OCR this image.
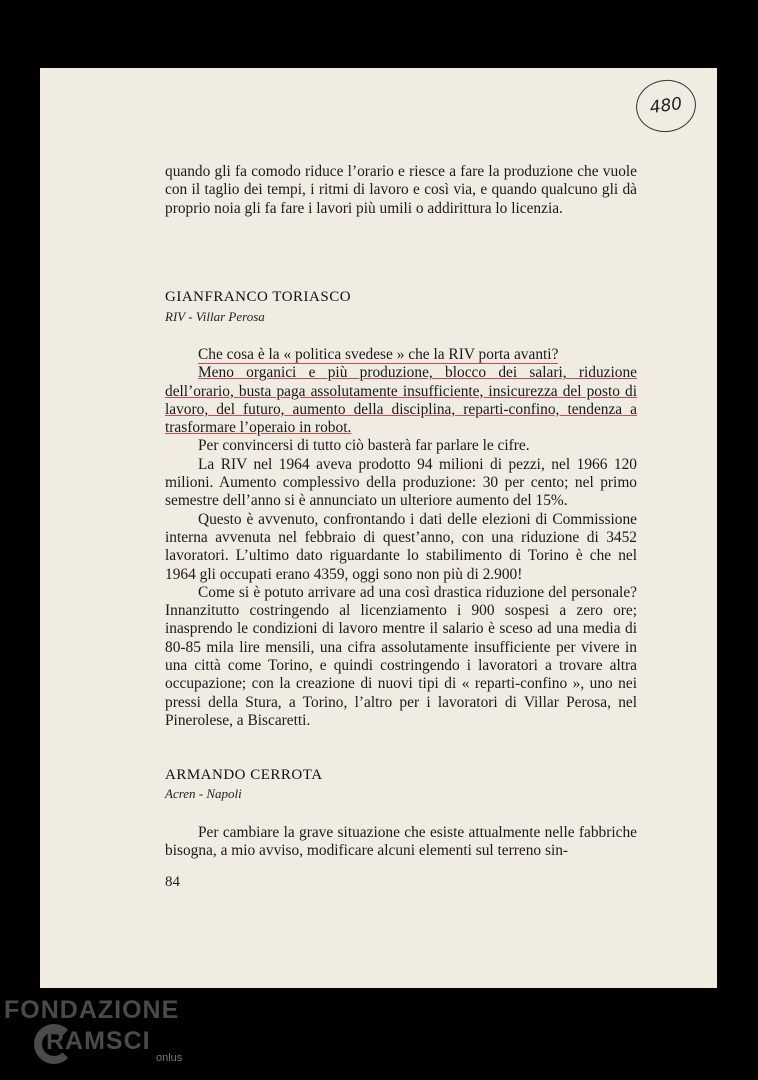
480

quando gli fa comodo riduce l’orario e riesce a fare la produzione che vuole con il taglio dei tempi, i ritmi di lavoro e così via, e quando qualcuno gli dà proprio noia gli fa fare i lavori più umili o addirittura lo licenzia.

GIANFRANCO TORIASCO
RIV - Villar Perosa

Che cosa è la « politica svedese » che la RIV porta avanti?

Meno organici e più produzione, blocco dei salari, riduzione dell’orario, busta paga assolutamente insufficiente, insicurezza del posto di lavoro, del futuro, aumento della disciplina, reparti-confino, tendenza a trasformare l’operaio in robot.

Per convincersi di tutto ciò basterà far parlare le cifre.

La RIV nel 1964 aveva prodotto 94 milioni di pezzi, nel 1966 120 milioni. Aumento complessivo della produzione: 30 per cento; nel primo semestre dell’anno si è annunciato un ulteriore aumento del 15%.

Questo è avvenuto, confrontando i dati delle elezioni di Commissione interna avvenuta nel febbraio di quest’anno, con una riduzione di 3452 lavoratori. L’ultimo dato riguardante lo stabilimento di Torino è che nel 1964 gli occupati erano 4359, oggi sono non più di 2.900!

Come si è potuto arrivare ad una così drastica riduzione del personale? Innanzitutto costringendo al licenziamento i 900 sospesi a zero ore; inasprendo le condizioni di lavoro mentre il salario è sceso ad una media di 80-85 mila lire mensili, una cifra assolutamente insufficiente per vivere in una città come Torino, e quindi costringendo i lavoratori a trovare altra occupazione; con la creazione di nuovi tipi di « reparti-confino », uno nei pressi della Stura, a Torino, l’altro per i lavoratori di Villar Perosa, nel Pinerolese, a Biscaretti.

ARMANDO CERROTA
Acren - Napoli

Per cambiare la grave situazione che esiste attualmente nelle fabbriche bisogna, a mio avviso, modificare alcuni elementi sul terreno sin-

84
FONDAZIONE
RAMSCI
onlus
